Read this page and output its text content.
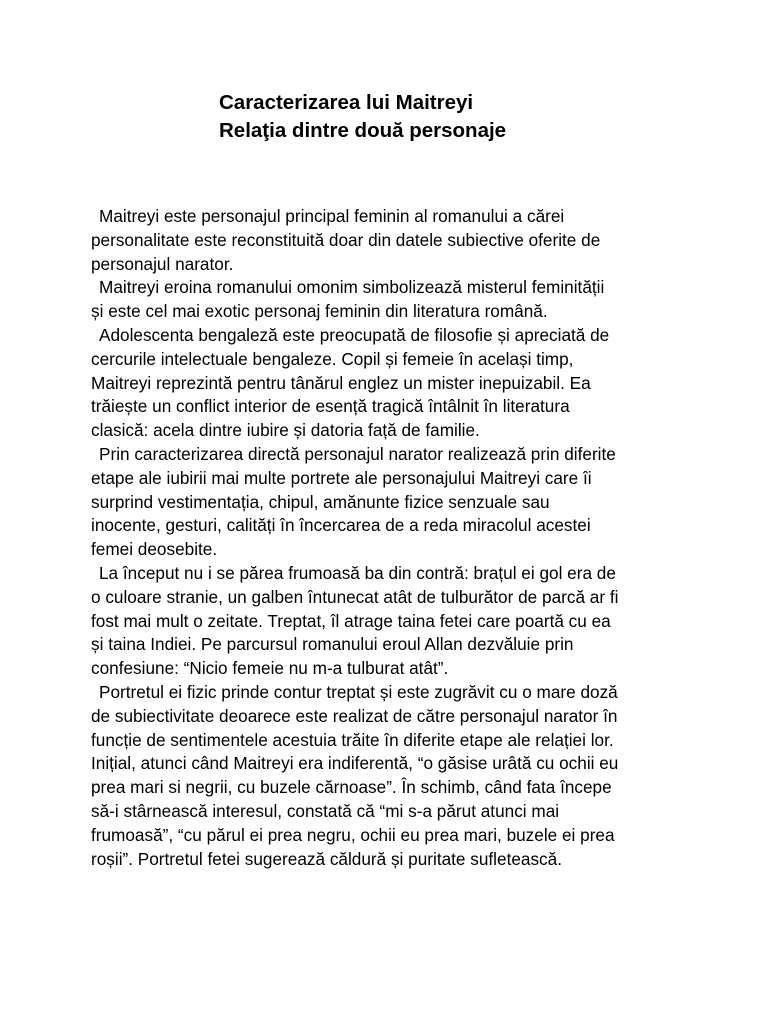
Caracterizarea lui Maitreyi
Relaţia dintre două personaje

Maitreyi este personajul principal feminin al romanului a cărei
personalitate este reconstituită doar din datele subiective oferite de
personajul narator.

Maitreyi eroina romanului omonim simbolizează misterul feminității
și este cel mai exotic personaj feminin din literatura română.

Adolescenta bengaleză este preocupată de filosofie și apreciată de
cercurile intelectuale bengaleze. Copil și femeie în același timp,
Maitreyi reprezintă pentru tânărul englez un mister inepuizabil. Ea
trăiește un conflict interior de esență tragică întâlnit în literatura
clasică: acela dintre iubire și datoria față de familie.

Prin caracterizarea directă personajul narator realizează prin diferite
etape ale iubirii mai multe portrete ale personajului Maitreyi care îi
surprind vestimentația, chipul, amănunte fizice senzuale sau
inocente, gesturi, calități în încercarea de a reda miracolul acestei
femei deosebite.

La început nu i se părea frumoasă ba din contră: brațul ei gol era de
o culoare stranie, un galben întunecat atât de tulburător de parcă ar fi
fost mai mult o zeitate. Treptat, îl atrage taina fetei care poartă cu ea
și taina Indiei. Pe parcursul romanului eroul Allan dezvăluie prin
confesiune: “Nicio femeie nu m-a tulburat atât”.

Portretul ei fizic prinde contur treptat și este zugrăvit cu o mare doză
de subiectivitate deoarece este realizat de către personajul narator în
funcție de sentimentele acestuia trăite în diferite etape ale relației lor.
Inițial, atunci când Maitreyi era indiferentă, “o găsise urâtă cu ochii eu
prea mari si negrii, cu buzele cărnoase”. În schimb, când fata începe
să-i stârnească interesul, constată că “mi s-a părut atunci mai
frumoasă”, “cu părul ei prea negru, ochii eu prea mari, buzele ei prea
roșii”. Portretul fetei sugerează căldură și puritate sufletească.
